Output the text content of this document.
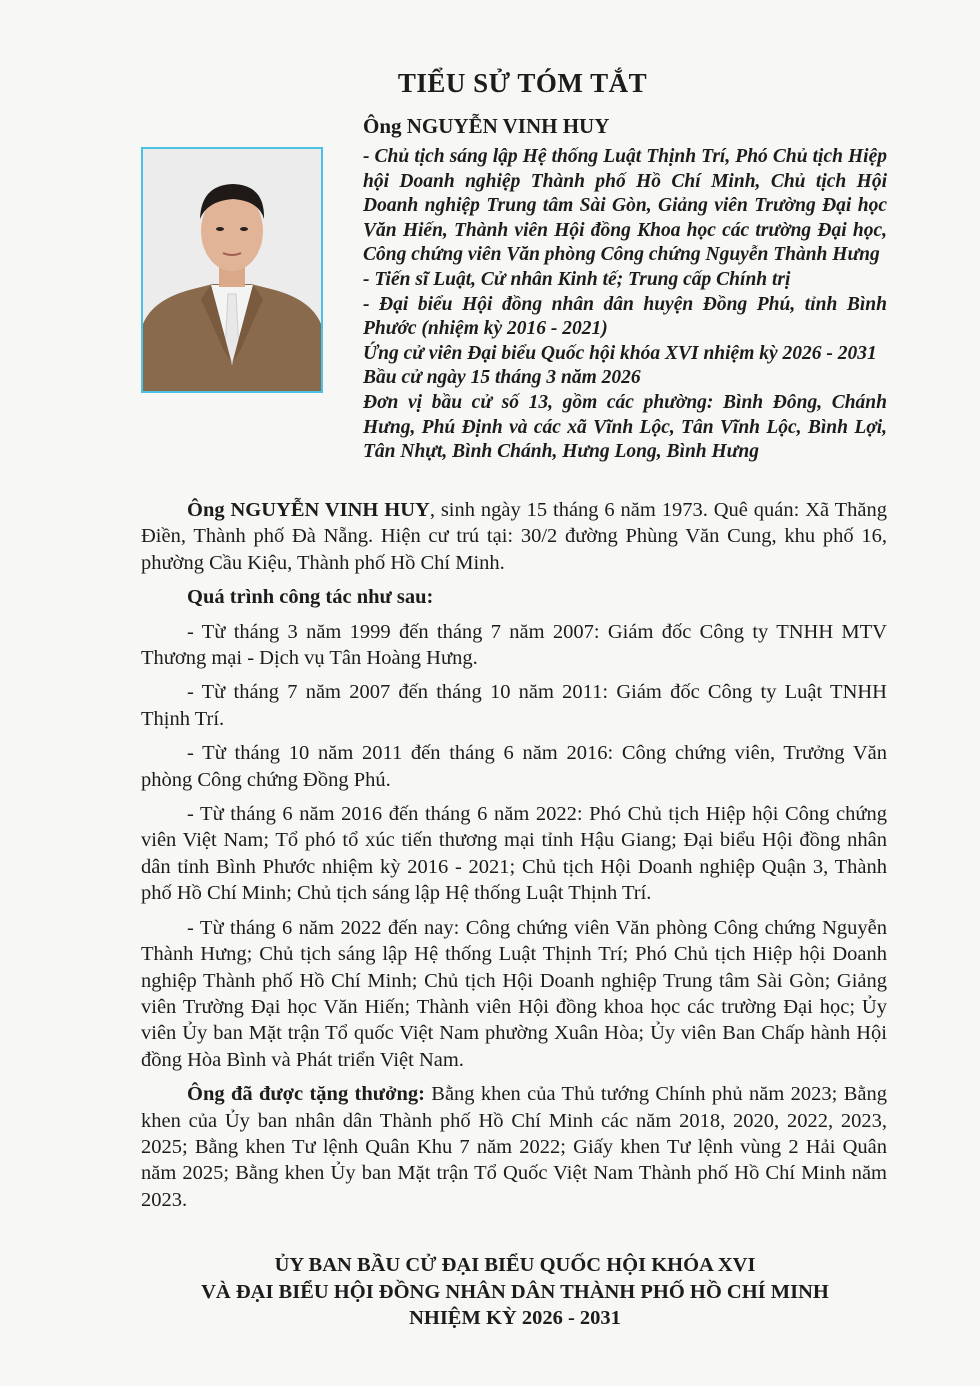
TIỂU SỬ TÓM TẮT
Ông NGUYỄN VINH HUY

- Chủ tịch sáng lập Hệ thống Luật Thịnh Trí, Phó Chủ tịch Hiệp hội Doanh nghiệp Thành phố Hồ Chí Minh, Chủ tịch Hội Doanh nghiệp Trung tâm Sài Gòn, Giảng viên Trường Đại học Văn Hiến, Thành viên Hội đồng Khoa học các trường Đại học, Công chứng viên Văn phòng Công chứng Nguyễn Thành Hưng

- Tiến sĩ Luật, Cử nhân Kinh tế; Trung cấp Chính trị

- Đại biểu Hội đồng nhân dân huyện Đồng Phú, tỉnh Bình Phước (nhiệm kỳ 2016 - 2021)

Ứng cử viên Đại biểu Quốc hội khóa XVI nhiệm kỳ 2026 - 2031

Bầu cử ngày 15 tháng 3 năm 2026

Đơn vị bầu cử số 13, gồm các phường: Bình Đông, Chánh Hưng, Phú Định và các xã Vĩnh Lộc, Tân Vĩnh Lộc, Bình Lợi, Tân Nhựt, Bình Chánh, Hưng Long, Bình Hưng

Ông NGUYỄN VINH HUY, sinh ngày 15 tháng 6 năm 1973. Quê quán: Xã Thăng Điền, Thành phố Đà Nẵng. Hiện cư trú tại: 30/2 đường Phùng Văn Cung, khu phố 16, phường Cầu Kiệu, Thành phố Hồ Chí Minh.

Quá trình công tác như sau:

- Từ tháng 3 năm 1999 đến tháng 7 năm 2007: Giám đốc Công ty TNHH MTV Thương mại - Dịch vụ Tân Hoàng Hưng.

- Từ tháng 7 năm 2007 đến tháng 10 năm 2011: Giám đốc Công ty Luật TNHH Thịnh Trí.

- Từ tháng 10 năm 2011 đến tháng 6 năm 2016: Công chứng viên, Trưởng Văn phòng Công chứng Đồng Phú.

- Từ tháng 6 năm 2016 đến tháng 6 năm 2022: Phó Chủ tịch Hiệp hội Công chứng viên Việt Nam; Tổ phó tổ xúc tiến thương mại tỉnh Hậu Giang; Đại biểu Hội đồng nhân dân tỉnh Bình Phước nhiệm kỳ 2016 - 2021; Chủ tịch Hội Doanh nghiệp Quận 3, Thành phố Hồ Chí Minh; Chủ tịch sáng lập Hệ thống Luật Thịnh Trí.

- Từ tháng 6 năm 2022 đến nay: Công chứng viên Văn phòng Công chứng Nguyễn Thành Hưng; Chủ tịch sáng lập Hệ thống Luật Thịnh Trí; Phó Chủ tịch Hiệp hội Doanh nghiệp Thành phố Hồ Chí Minh; Chủ tịch Hội Doanh nghiệp Trung tâm Sài Gòn; Giảng viên Trường Đại học Văn Hiến; Thành viên Hội đồng khoa học các trường Đại học; Ủy viên Ủy ban Mặt trận Tổ quốc Việt Nam phường Xuân Hòa; Ủy viên Ban Chấp hành Hội đồng Hòa Bình và Phát triển Việt Nam.

Ông đã được tặng thưởng: Bằng khen của Thủ tướng Chính phủ năm 2023; Bằng khen của Ủy ban nhân dân Thành phố Hồ Chí Minh các năm 2018, 2020, 2022, 2023, 2025; Bằng khen Tư lệnh Quân Khu 7 năm 2022; Giấy khen Tư lệnh vùng 2 Hải Quân năm 2025; Bằng khen Ủy ban Mặt trận Tổ Quốc Việt Nam Thành phố Hồ Chí Minh năm 2023.

ỦY BAN BẦU CỬ ĐẠI BIỂU QUỐC HỘI KHÓA XVI
VÀ ĐẠI BIỂU HỘI ĐỒNG NHÂN DÂN THÀNH PHỐ HỒ CHÍ MINH
NHIỆM KỲ 2026 - 2031
